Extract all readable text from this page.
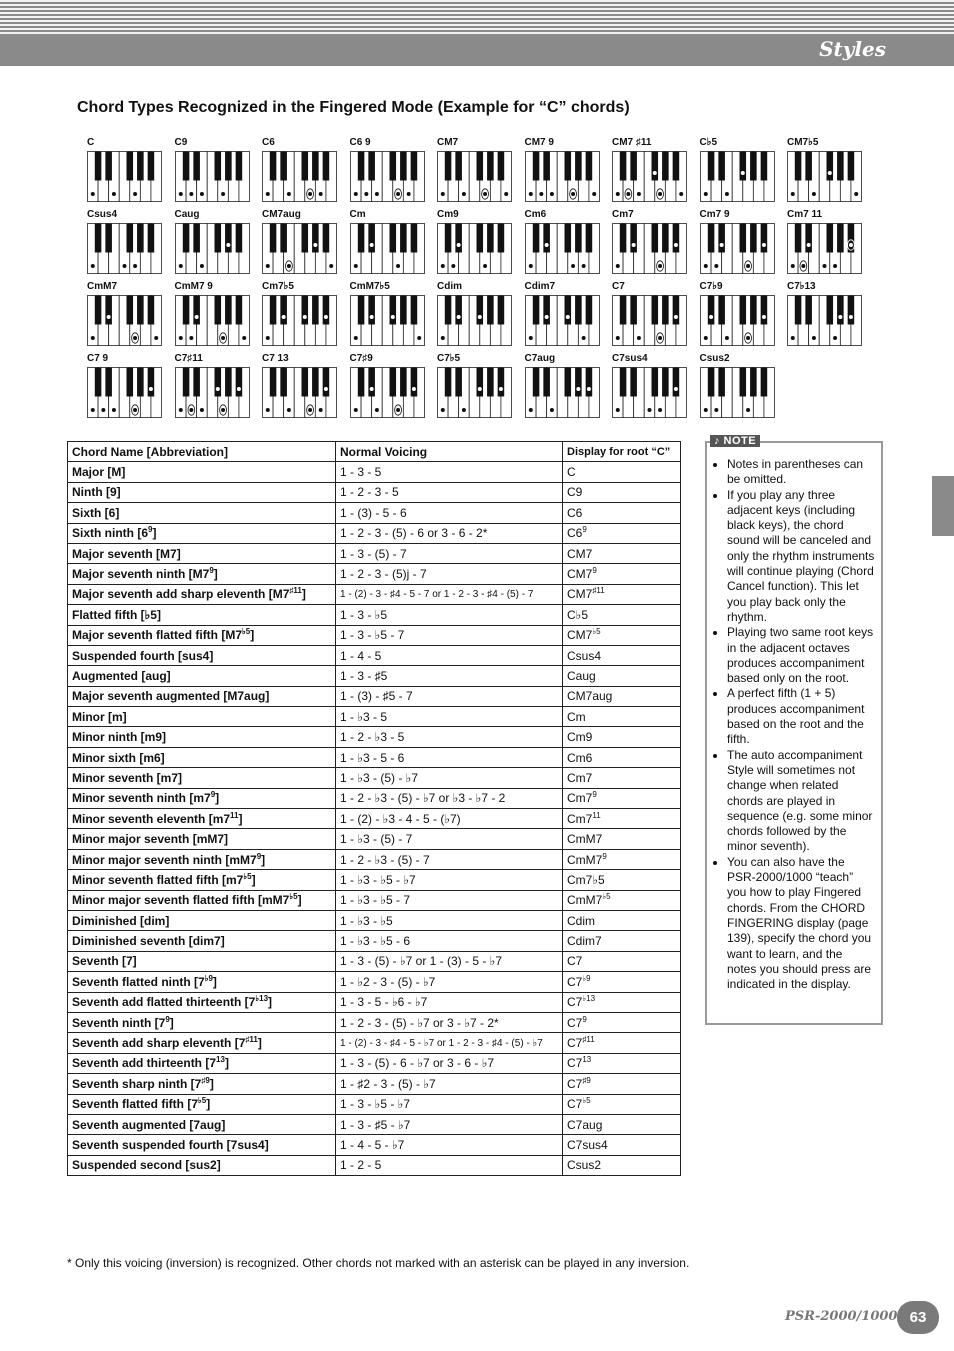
Styles
Chord Types Recognized in the Fingered Mode (Example for “C” chords)
C	C9	C6	C6 9	CM7	CM7 9	CM7 ♯11	C♭5	CM7♭5
Csus4	Caug	CM7aug	Cm	Cm9	Cm6	Cm7	Cm7 9	Cm7 11
CmM7	CmM7 9	Cm7♭5	CmM7♭5	Cdim	Cdim7	C7	C7♭9	C7♭13
C7 9	C7♯11	C7 13	C7♯9	C7♭5	C7aug	C7sus4	Csus2
Chord Name [Abbreviation]	Normal Voicing	Display for root “C”
Major [M]	1 - 3 - 5	C
Ninth [9]	1 - 2 - 3 - 5	C9
Sixth [6]	1 - (3) - 5 - 6	C6
Sixth ninth $[6^9]$	1 - 2 - 3 - (5) - 6 or 3 - 6 - 2*	$C6^9$
Major seventh [M7]	1 - 3 - (5) - 7	CM7
Major seventh ninth $[M7^9]$	1 - 2 - 3 - (5)j - 7	$CM7^9$
Major seventh add sharp eleventh $[M7^{♯11}]$	1 - (2) - 3 - ♯4 - 5 - 7 or 1 - 2 - 3 - ♯4 - (5) - 7	$CM7^{♯11}$
Flatted fifth [♭5]	1 - 3 - ♭5	C♭5
Major seventh flatted fifth $[M7^{♭5}]$	1 - 3 - ♭5 - 7	$CM7^{♭5}$
Suspended fourth [sus4]	1 - 4 - 5	Csus4
Augmented [aug]	1 - 3 - ♯5	Caug
Major seventh augmented [M7aug]	1 - (3) - ♯5 - 7	CM7aug
Minor [m]	1 - ♭3 - 5	Cm
Minor ninth [m9]	1 - 2 - ♭3 - 5	Cm9
Minor sixth [m6]	1 - ♭3 - 5 - 6	Cm6
Minor seventh [m7]	1 - ♭3 - (5) - ♭7	Cm7
Minor seventh ninth $[m7^9]$	1 - 2 - ♭3 - (5) - ♭7 or ♭3 - ♭7 - 2	$Cm7^9$
Minor seventh eleventh $[m7^{11}]$	1 - (2) - ♭3 - 4 - 5 - (♭7)	$Cm7^{11}$
Minor major seventh [mM7]	1 - ♭3 - (5) - 7	CmM7
Minor major seventh ninth $[mM7^9]$	1 - 2 - ♭3 - (5) - 7	$CmM7^9$
Minor seventh flatted fifth $[m7^{♭5}]$	1 - ♭3 - ♭5 - ♭7	Cm7♭5
Minor major seventh flatted fifth $[mM7^{♭5}]$	1 - ♭3 - ♭5 - 7	$CmM7^{♭5}$
Diminished [dim]	1 - ♭3 - ♭5	Cdim
Diminished seventh [dim7]	1 - ♭3 - ♭5 - 6	Cdim7
Seventh [7]	1 - 3 - (5) - ♭7 or 1 - (3) - 5 - ♭7	C7
Seventh flatted ninth $[7^{♭9}]$	1 - ♭2 - 3 - (5) - ♭7	$C7^{♭9}$
Seventh add flatted thirteenth $[7^{♭13}]$	1 - 3 - 5 - ♭6 - ♭7	$C7^{♭13}$
Seventh ninth $[7^9]$	1 - 2 - 3 - (5) - ♭7 or 3 - ♭7 - 2*	$C7^9$
Seventh add sharp eleventh $[7^{♯11}]$	1 - (2) - 3 - ♯4 - 5 - ♭7 or 1 - 2 - 3 - ♯4 - (5) - ♭7	$C7^{♯11}$
Seventh add thirteenth $[7^{13}]$	1 - 3 - (5) - 6 - ♭7 or 3 - 6 - ♭7	$C7^{13}$
Seventh sharp ninth $[7^{♯9}]$	1 - ♯2 - 3 - (5) - ♭7	$C7^{♯9}$
Seventh flatted fifth $[7^{♭5}]$	1 - 3 - ♭5 - ♭7	$C7^{♭5}$
Seventh augmented [7aug]	1 - 3 - ♯5 - ♭7	C7aug
Seventh suspended fourth [7sus4]	1 - 4 - 5 - ♭7	C7sus4
Suspended second [sus2]	1 - 2 - 5	Csus2
* Only this voicing (inversion) is recognized. Other chords not marked with an asterisk can be played in any inversion.
• Notes in parentheses can be omitted.
• If you play any three adjacent keys (including black keys), the chord sound will be canceled and only the rhythm instruments will continue playing (Chord Cancel function). This let you play back only the rhythm.
• Playing two same root keys in the adjacent octaves produces accompaniment based only on the root.
• A perfect fifth (1 + 5) produces accompaniment based on the root and the fifth.
• The auto accompaniment Style will sometimes not change when related chords are played in sequence (e.g. some minor chords followed by the minor seventh).
• You can also have the PSR-2000/1000 “teach” you how to play Fingered chords. From the CHORD FINGERING display (page 139), specify the chord you want to learn, and the notes you should press are indicated in the display.
♪ NOTE
PSR-2000/1000 63
